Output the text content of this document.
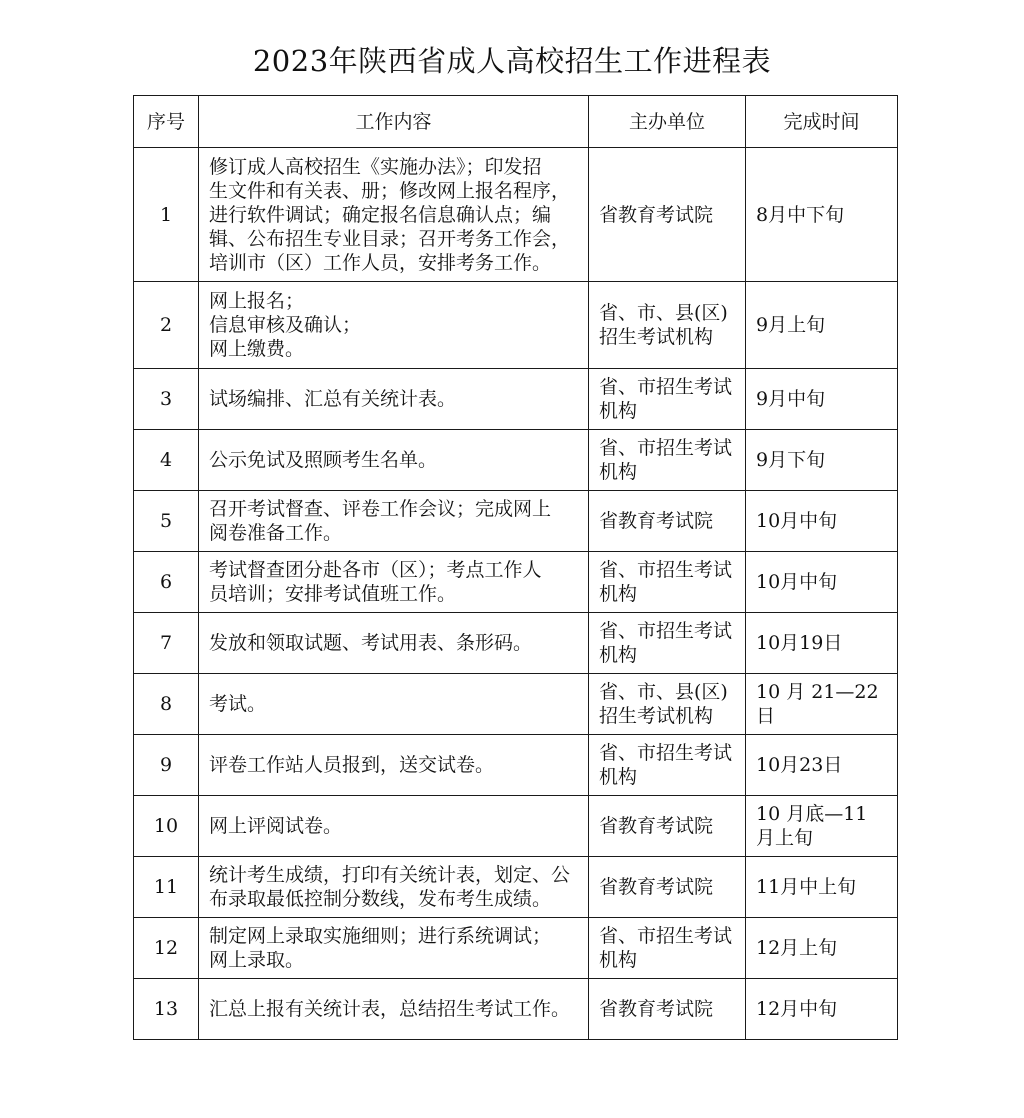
2023年陕西省成人高校招生工作进程表
序号	工作内容	主办单位	完成时间
1	修订成人高校招生《实施办法》；印发招
生文件和有关表、册；修改网上报名程序，
进行软件调试；确定报名信息确认点；编
辑、公布招生专业目录；召开考务工作会，
培训市（区）工作人员，安排考务工作。	省教育考试院	8月中下旬
2	网上报名；
信息审核及确认；
网上缴费。	省、市、县(区)
招生考试机构	9月上旬
3	试场编排、汇总有关统计表。	省、市招生考试
机构	9月中旬
4	公示免试及照顾考生名单。	省、市招生考试
机构	9月下旬
5	召开考试督查、评卷工作会议；完成网上
阅卷准备工作。	省教育考试院	10月中旬
6	考试督查团分赴各市（区）；考点工作人
员培训；安排考试值班工作。	省、市招生考试
机构	10月中旬
7	发放和领取试题、考试用表、条形码。	省、市招生考试
机构	10月19日
8	考试。	省、市、县(区)
招生考试机构	10 月 21—22
日
9	评卷工作站人员报到，送交试卷。	省、市招生考试
机构	10月23日
10	网上评阅试卷。	省教育考试院	10 月底—11
月上旬
11	统计考生成绩，打印有关统计表，划定、公
布录取最低控制分数线，发布考生成绩。	省教育考试院	11月中上旬
12	制定网上录取实施细则；进行系统调试；
网上录取。	省、市招生考试
机构	12月上旬
13	汇总上报有关统计表，总结招生考试工作。	省教育考试院	12月中旬
